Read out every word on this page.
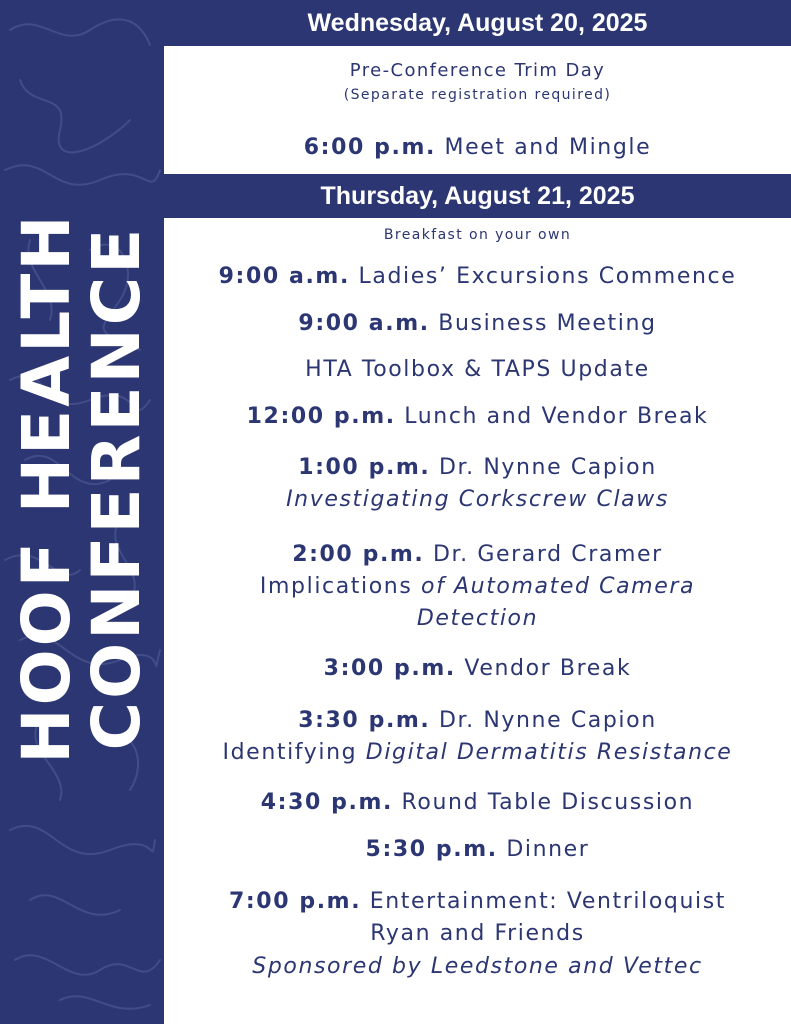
HOOF HEALTH
CONFERENCE
Wednesday, August 20, 2025
Thursday, August 21, 2025
Pre-Conference Trim Day
(Separate registration required)
6:00 p.m. Meet and Mingle
Breakfast on your own
9:00 a.m. Ladies’ Excursions Commence
9:00 a.m. Business Meeting
HTA Toolbox & TAPS Update
12:00 p.m. Lunch and Vendor Break
1:00 p.m. Dr. Nynne Capion
Investigating Corkscrew Claws
2:00 p.m. Dr. Gerard Cramer
Implications of Automated Camera
Detection
3:00 p.m. Vendor Break
3:30 p.m. Dr. Nynne Capion
Identifying Digital Dermatitis Resistance
4:30 p.m. Round Table Discussion
5:30 p.m. Dinner
7:00 p.m. Entertainment: Ventriloquist
Ryan and Friends
Sponsored by Leedstone and Vettec
